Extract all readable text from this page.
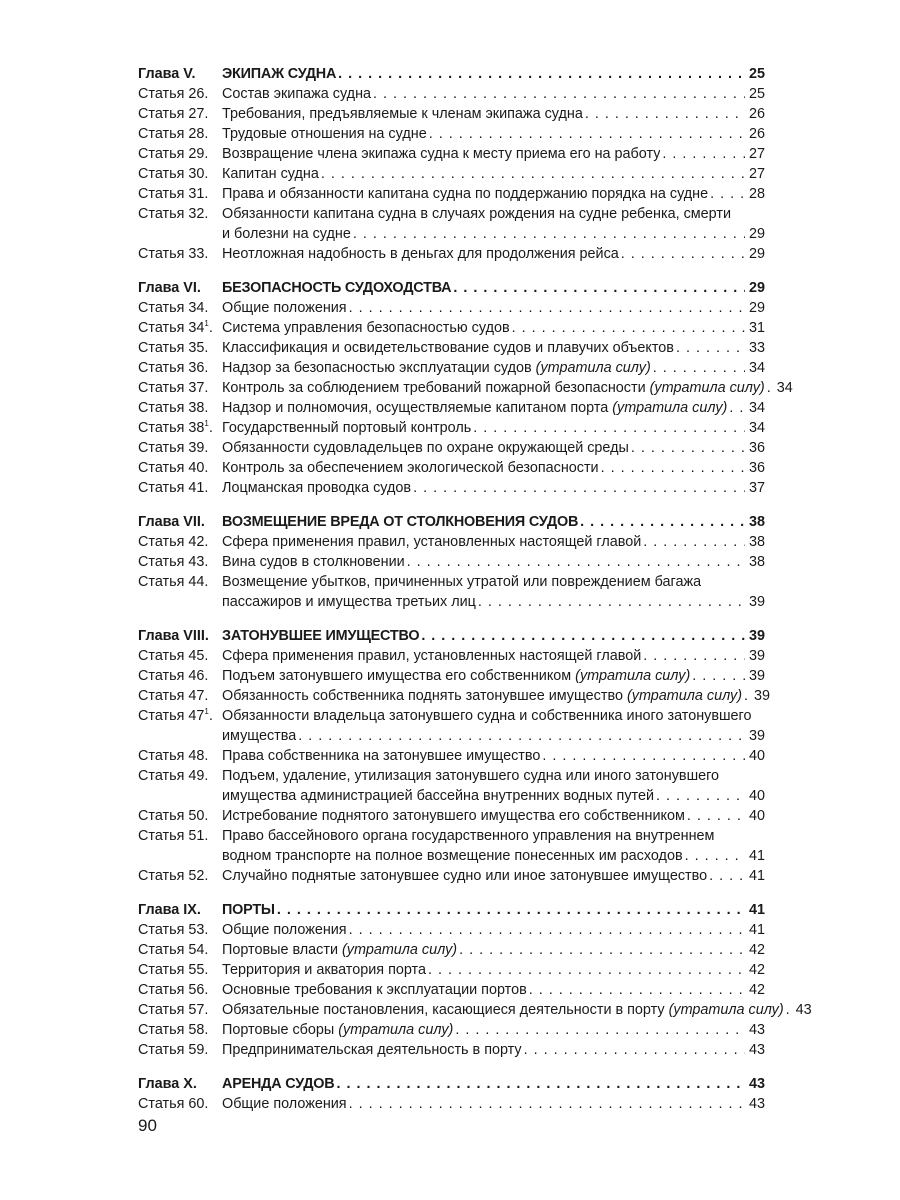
Глава V.	ЭКИПАЖ СУДНА . . .	25
Статья 26. Состав экипажа судна . . .	25
Статья 27. Требования, предъявляемые к членам экипажа судна . . .	26
Статья 28. Трудовые отношения на судне . . .	26
Статья 29. Возвращение члена экипажа судна к месту приема его на работу . . .	27
Статья 30. Капитан судна . . .	27
Статья 31. Права и обязанности капитана судна по поддержанию порядка на судне . . .	28
Статья 32. Обязанности капитана судна в случаях рождения на судне ребенка, смерти
и болезни на судне . . .	29
Статья 33. Неотложная надобность в деньгах для продолжения рейса . . .	29
Глава VI.	БЕЗОПАСНОСТЬ СУДОХОДСТВА . . .	29
Статья 34. Общие положения . . .	29
Статья $34^1$. Система управления безопасностью судов . . .	31
Статья 35. Классификация и освидетельствование судов и плавучих объектов . . .	33
Статья 36. Надзор за безопасностью эксплуатации судов (утратила силу) . . .	34
Статья 37. Контроль за соблюдением требований пожарной безопасности (утратила силу) . . . 34
Статья 38. Надзор и полномочия, осуществляемые капитаном порта (утратила силу) . . . 34
Статья $38^1$. Государственный портовый контроль . . .	34
Статья 39. Обязанности судовладельцев по охране окружающей среды . . .	36
Статья 40. Контроль за обеспечением экологической безопасности . . .	36
Статья 41. Лоцманская проводка судов . . .	37
Глава VII.	ВОЗМЕЩЕНИЕ ВРЕДА ОТ СТОЛКНОВЕНИЯ СУДОВ . . .	38
Статья 42. Сфера применения правил, установленных настоящей главой . . .	38
Статья 43. Вина судов в столкновении . . .	38
Статья 44. Возмещение убытков, причиненных утратой или повреждением багажа
пассажиров и имущества третьих лиц . . .	39
Глава VIII. ЗАТОНУВШЕЕ ИМУЩЕСТВО . . .	39
Статья 45. Сфера применения правил, установленных настоящей главой . . .	39
Статья 46. Подъем затонувшего имущества его собственником (утратила силу) . . .	39
Статья 47. Обязанность собственника поднять затонувшее имущество (утратила силу) . . . 39
Статья $47^1$. Обязанности владельца затонувшего судна и собственника иного затонувшего
имущества . . .	39
Статья 48. Права собственника на затонувшее имущество . . .	40
Статья 49. Подъем, удаление, утилизация затонувшего судна или иного затонувшего
имущества администрацией бассейна внутренних водных путей . . .	40
Статья 50. Истребование поднятого затонувшего имущества его собственником . . .	40
Статья 51. Право бассейнового органа государственного управления на внутреннем
водном транспорте на полное возмещение понесенных им расходов . . .	41
Статья 52. Случайно поднятые затонувшее судно или иное затонувшее имущество . . .	41
Глава IX.	ПОРТЫ . . .	41
Статья 53. Общие положения . . .	41
Статья 54. Портовые власти (утратила силу) . . .	42
Статья 55. Территория и акватория порта . . .	42
Статья 56. Основные требования к эксплуатации портов . . .	42
Статья 57. Обязательные постановления, касающиеся деятельности в порту (утратила силу) . . . 43
Статья 58. Портовые сборы (утратила силу) . . .	43
Статья 59. Предпринимательская деятельность в порту . . .	43
Глава X.	АРЕНДА СУДОВ . . .	43
Статья 60. Общие положения . . .	43
90
